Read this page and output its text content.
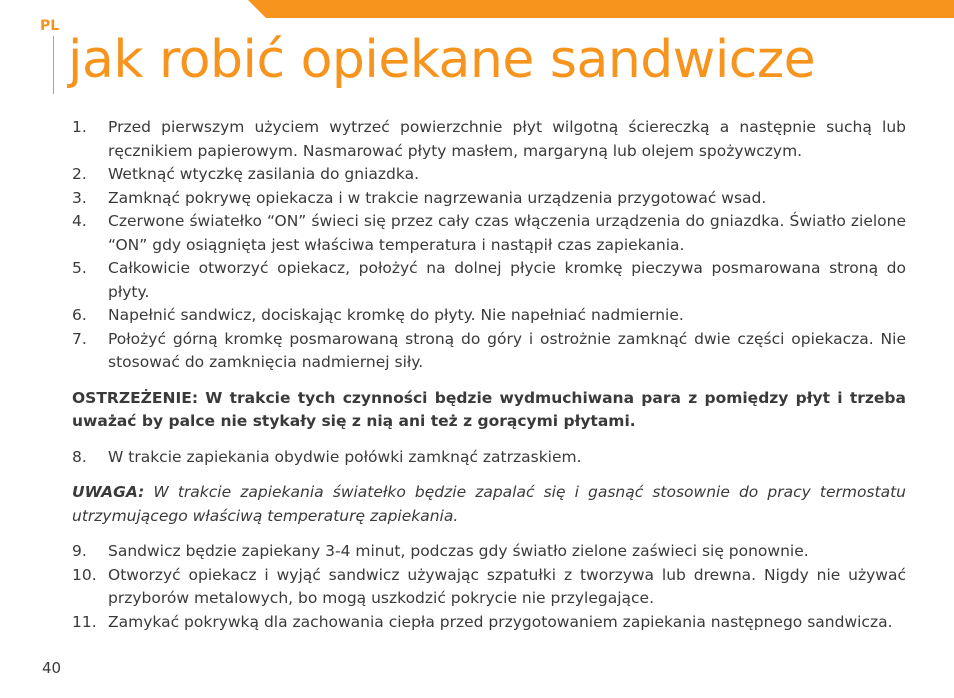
PL
jak robić opiekane sandwicze
1.	Przed pierwszym użyciem wytrzeć powierzchnie płyt wilgotną ściereczką a następnie suchą lub ręcznikiem papierowym. Nasmarować płyty masłem, margaryną lub olejem spożywczym.
2.	Wetknąć wtyczkę zasilania do gniazdka.
3.	Zamknąć pokrywę opiekacza i w trakcie nagrzewania urządzenia przygotować wsad.
4.	Czerwone światełko “ON” świeci się przez cały czas włączenia urządzenia do gniazdka. Światło zielone “ON” gdy osiągnięta jest właściwa temperatura i nastąpił czas zapiekania.
5.	Całkowicie otworzyć opiekacz, położyć na dolnej płycie kromkę pieczywa posmarowana stroną do płyty.
6.	Napełnić sandwicz, dociskając kromkę do płyty. Nie napełniać nadmiernie.
7.	Położyć górną kromkę posmarowaną stroną do góry i ostrożnie zamknąć dwie części opiekacza. Nie stosować do zamknięcia nadmiernej siły.

OSTRZEŻENIE: W trakcie tych czynności będzie wydmuchiwana para z pomiędzy płyt i trzeba uważać by palce nie stykały się z nią ani też z gorącymi płytami.

8.	W trakcie zapiekania obydwie połówki zamknąć zatrzaskiem.

UWAGA: W trakcie zapiekania światełko będzie zapalać się i gasnąć stosownie do pracy termostatu utrzymującego właściwą temperaturę zapiekania.

9.	Sandwicz będzie zapiekany 3-4 minut, podczas gdy światło zielone zaświeci się ponownie.
10. Otworzyć opiekacz i wyjąć sandwicz używając szpatułki z tworzywa lub drewna. Nigdy nie używać przyborów metalowych, bo mogą uszkodzić pokrycie nie przylegające.
11. Zamykać pokrywką dla zachowania ciepła przed przygotowaniem zapiekania następnego sandwicza.
40
